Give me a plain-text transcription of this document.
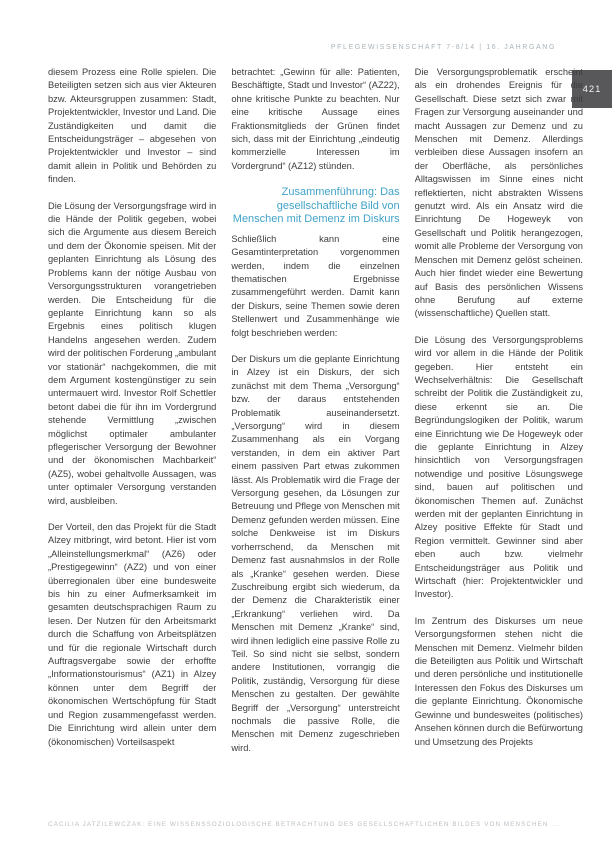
PFLEGEWISSENSCHAFT 7-8/14 | 16. JAHRGANG
421

diesem Prozess eine Rolle spielen. Die Beteiligten setzen sich aus vier Akteuren bzw. Akteursgruppen zusammen: Stadt, Projektentwickler, Investor und Land. Die Zuständigkeiten und damit die Entscheidungsträger – abgesehen von Projektentwickler und Investor – sind damit allein in Politik und Behörden zu finden.

Die Lösung der Versorgungsfrage wird in die Hände der Politik gegeben, wobei sich die Argumente aus diesem Bereich und dem der Ökonomie speisen. Mit der geplanten Einrichtung als Lösung des Problems kann der nötige Ausbau von Versorgungsstrukturen vorangetrieben werden. Die Entscheidung für die geplante Einrichtung kann so als Ergebnis eines politisch klugen Handelns angesehen werden. Zudem wird der politischen Forderung „ambulant vor stationär“ nachgekommen, die mit dem Argument kostengünstiger zu sein untermauert wird. Investor Rolf Schettler betont dabei die für ihn im Vordergrund stehende Vermittlung „zwischen möglichst optimaler ambulanter pflegerischer Versorgung der Bewohner und der ökonomischen Machbarkeit“ (AZ5), wobei gehaltvolle Aussagen, was unter optimaler Versorgung verstanden wird, ausbleiben.

Der Vorteil, den das Projekt für die Stadt Alzey mitbringt, wird betont. Hier ist vom „Alleinstellungsmerkmal“ (AZ6) oder „Prestigegewinn“ (AZ2) und von einer überregionalen über eine bundesweite bis hin zu einer Aufmerksamkeit im gesamten deutschsprachigen Raum zu lesen. Der Nutzen für den Arbeitsmarkt durch die Schaffung von Arbeitsplätzen und für die regionale Wirtschaft durch Auftragsvergabe sowie der erhoffte „Informationstourismus“ (AZ1) in Alzey können unter dem Begriff der ökonomischen Wertschöpfung für Stadt und Region zusammengefasst werden. Die Einrichtung wird allein unter dem (ökonomischen) Vorteilsaspekt

betrachtet: „Gewinn für alle: Patienten, Beschäftigte, Stadt und Investor“ (AZ22), ohne kritische Punkte zu beachten. Nur eine kritische Aussage eines Fraktionsmitglieds der Grünen findet sich, dass mit der Einrichtung „eindeutig kommerzielle Interessen im Vordergrund“ (AZ12) stünden.

Zusammenführung: Das gesellschaftliche Bild von Menschen mit Demenz im Diskurs

Schließlich kann eine Gesamtinterpretation vorgenommen werden, indem die einzelnen thematischen Ergebnisse zusammengeführt werden. Damit kann der Diskurs, seine Themen sowie deren Stellenwert und Zusammenhänge wie folgt beschrieben werden:

Der Diskurs um die geplante Einrichtung in Alzey ist ein Diskurs, der sich zunächst mit dem Thema „Versorgung“ bzw. der daraus entstehenden Problematik auseinandersetzt. „Versorgung“ wird in diesem Zusammenhang als ein Vorgang verstanden, in dem ein aktiver Part einem passiven Part etwas zukommen lässt. Als Problematik wird die Frage der Versorgung gesehen, da Lösungen zur Betreuung und Pflege von Menschen mit Demenz gefunden werden müssen. Eine solche Denkweise ist im Diskurs vorherrschend, da Menschen mit Demenz fast ausnahmslos in der Rolle als „Kranke“ gesehen werden. Diese Zuschreibung ergibt sich wiederum, da der Demenz die Charakteristik einer „Erkrankung“ verliehen wird. Da Menschen mit Demenz „Kranke“ sind, wird ihnen lediglich eine passive Rolle zu Teil. So sind nicht sie selbst, sondern andere Institutionen, vorrangig die Politik, zuständig, Versorgung für diese Menschen zu gestalten. Der gewählte Begriff der „Versorgung“ unterstreicht nochmals die passive Rolle, die Menschen mit Demenz zugeschrieben wird.

Die Versorgungsproblematik erscheint als ein drohendes Ereignis für die Gesellschaft. Diese setzt sich zwar mit Fragen zur Versorgung auseinander und macht Aussagen zur Demenz und zu Menschen mit Demenz. Allerdings verbleiben diese Aussagen insofern an der Oberfläche, als persönliches Alltagswissen im Sinne eines nicht reflektierten, nicht abstrakten Wissens genutzt wird. Als ein Ansatz wird die Einrichtung De Hogeweyk von Gesellschaft und Politik herangezogen, womit alle Probleme der Versorgung von Menschen mit Demenz gelöst scheinen. Auch hier findet wieder eine Bewertung auf Basis des persönlichen Wissens ohne Berufung auf externe (wissenschaftliche) Quellen statt.

Die Lösung des Versorgungsproblems wird vor allem in die Hände der Politik gegeben. Hier entsteht ein Wechselverhältnis: Die Gesellschaft schreibt der Politik die Zuständigkeit zu, diese erkennt sie an. Die Begründungslogiken der Politik, warum eine Einrichtung wie De Hogeweyk oder die geplante Einrichtung in Alzey hinsichtlich von Versorgungsfragen notwendige und positive Lösungswege sind, bauen auf politischen und ökonomischen Themen auf. Zunächst werden mit der geplanten Einrichtung in Alzey positive Effekte für Stadt und Region vermittelt. Gewinner sind aber eben auch bzw. vielmehr Entscheidungsträger aus Politik und Wirtschaft (hier: Projektentwickler und Investor).

Im Zentrum des Diskurses um neue Versorgungsformen stehen nicht die Menschen mit Demenz. Vielmehr bilden die Beteiligten aus Politik und Wirtschaft und deren persönliche und institutionelle Interessen den Fokus des Diskurses um die geplante Einrichtung. Ökonomische Gewinne und bundesweites (politisches) Ansehen können durch die Befürwortung und Umsetzung des Projekts

CÄCILIA JATZILEWCZAK: EINE WISSENSSOZIOLOGISCHE BETRACHTUNG DES GESELLSCHAFTLICHEN BILDES VON MENSCHEN ...
